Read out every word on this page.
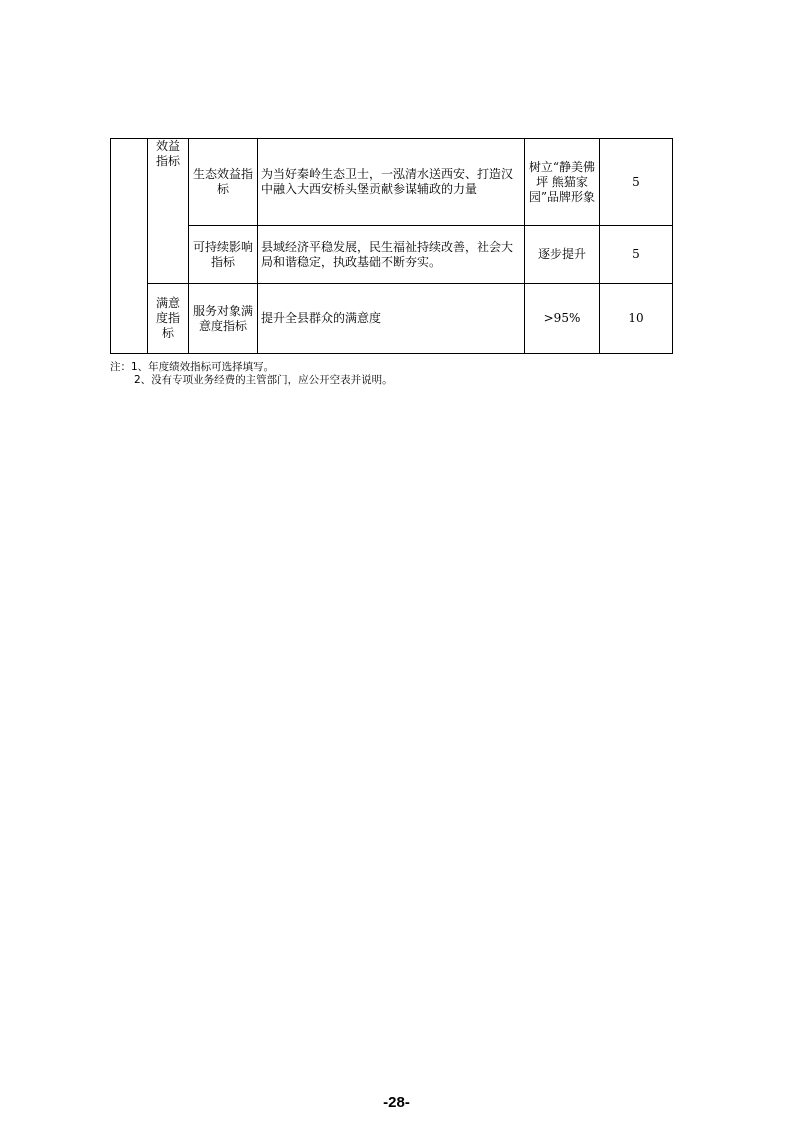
		效益指标	生态效益指标	为当好秦岭生态卫士，一泓清水送西安、打造汉中融入大西安桥头堡贡献参谋辅政的力量	树立“静美佛坪 熊猫家园”品牌形象	5
			可持续影响指标	县域经济平稳发展，民生福祉持续改善，社会大局和谐稳定，执政基础不断夯实。	逐步提升	5
		满意度指标	服务对象满意度指标	提升全县群众的满意度	>95%	10
注：1、年度绩效指标可选择填写。
2、没有专项业务经费的主管部门，应公开空表并说明。
-28-
